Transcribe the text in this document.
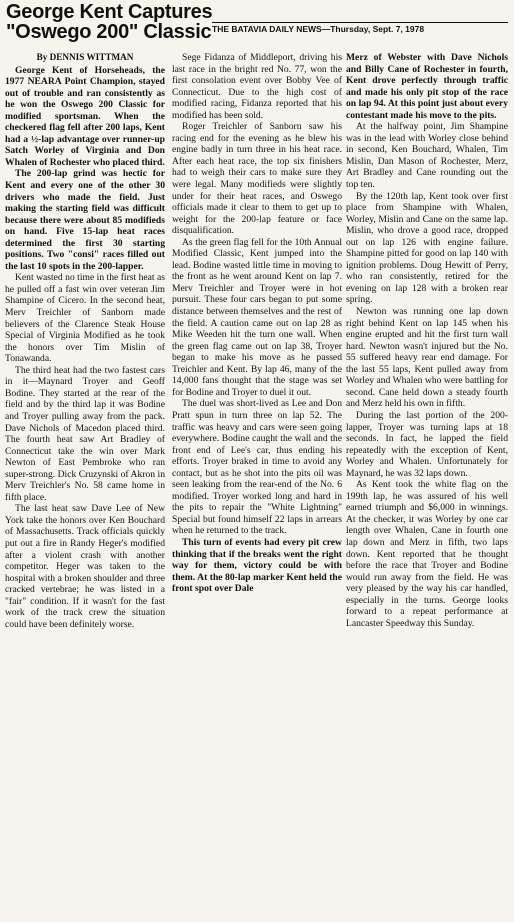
George Kent Captures
"Oswego 200" Classic THE BATAVIA DAILY NEWS—Thursday, Sept. 7, 1978

By DENNIS WITTMAN

George Kent of Horseheads, the 1977 NEARA Point Champion, stayed out of trouble and ran consistently as he won the Oswego 200 Classic for modified sportsman. When the checkered flag fell after 200 laps, Kent had a ½-lap advantage over runner-up Satch Worley of Virginia and Don Whalen of Rochester who placed third.

The 200-lap grind was hectic for Kent and every one of the other 30 drivers who made the field. Just making the starting field was difficult because there were about 85 modifieds on hand. Five 15-lap heat races determined the first 30 starting positions. Two "consi" races filled out the last 10 spots in the 200-lapper.

Kent wasted no time in the first heat as he pulled off a fast win over veteran Jim Shampine of Cicero. In the second heat, Merv Treichler of Sanborn made believers of the Clarence Steak House Special of Virginia Modified as he took the honors over Tim Mislin of Tonawanda.

The third heat had the two fastest cars in it—Maynard Troyer and Geoff Bodine. They started at the rear of the field and by the third lap it was Bodine and Troyer pulling away from the pack. Dave Nichols of Macedon placed third. The fourth heat saw Art Bradley of Connecticut take the win over Mark Newton of East Pembroke who ran super-strong. Dick Cruzynski of Akron in Merv Treichler's No. 58 came home in fifth place.

The last heat saw Dave Lee of New York take the honors over Ken Bouchard of Massachusetts. Track officials quickly put out a fire in Randy Heger's modified after a violent crash with another competitor. Heger was taken to the hospital with a broken shoulder and three cracked vertebrae; he was listed in a "fair" condition. If it wasn't for the fast work of the track crew the situation could have been definitely worse.

Sege Fidanza of Middleport, driving his last race in the bright red No. 77, won the first consolation event over Bobby Vee of Connecticut. Due to the high cost of modified racing, Fidanza reported that his modified has been sold.

Roger Treichler of Sanborn saw his racing end for the evening as he blew his engine badly in turn three in his heat race. After each heat race, the top six finishers had to weigh their cars to make sure they were legal. Many modifieds were slightly under for their heat races, and Oswego officials made it clear to them to get up to weight for the 200-lap feature or face disqualification.

As the green flag fell for the 10th Annual Modified Classic, Kent jumped into the lead. Bodine wasted little time in moving to the front as he went around Kent on lap 7. Merv Treichler and Troyer were in hot pursuit. These four cars began to put some distance between themselves and the rest of the field. A caution came out on lap 28 as Mike Weeden hit the turn one wall. When the green flag came out on lap 38, Troyer began to make his move as he passed Treichler and Kent. By lap 46, many of the 14,000 fans thought that the stage was set for Bodine and Troyer to duel it out.

The duel was short-lived as Lee and Don Pratt spun in turn three on lap 52. The traffic was heavy and cars were seen going everywhere. Bodine caught the wall and the front end of Lee's car, thus ending his efforts. Troyer braked in time to avoid any contact, but as he shot into the pits oil was seen leaking from the rear-end of the No. 6 modified. Troyer worked long and hard in the pits to repair the "White Lightning" Special but found himself 22 laps in arrears when he returned to the track.

This turn of events had every pit crew thinking that if the breaks went the right way for them, victory could be with them. At the 80-lap marker Kent held the front spot over Dale

Merz of Webster with Dave Nichols and Billy Cane of Rochester in fourth, Kent drove perfectly through traffic and made his only pit stop of the race on lap 94. At this point just about every contestant made his move to the pits.

At the halfway point, Jim Shampine was in the lead with Worley close behind in second, Ken Bouchard, Whalen, Tim Mislin, Dan Mason of Rochester, Merz, Art Bradley and Cane rounding out the top ten.

By the 120th lap, Kent took over first place from Shampine with Whalen, Worley, Mislin and Cane on the same lap. Mislin, who drove a good race, dropped out on lap 126 with engine failure. Shampine pitted for good on lap 140 with ignition problems. Doug Hewitt of Perry, who ran consistently, retired for the evening on lap 128 with a broken rear spring.

Newton was running one lap down right behind Kent on lap 145 when his engine erupted and hit the first turn wall hard. Newton wasn't injured but the No. 55 suffered heavy rear end damage. For the last 55 laps, Kent pulled away from Worley and Whalen who were battling for second. Cane held down a steady fourth and Merz held his own in fifth.

During the last portion of the 200-lapper, Troyer was turning laps at 18 seconds. In fact, he lapped the field repeatedly with the exception of Kent, Worley and Whalen. Unfortunately for Maynard, he was 32 laps down.

As Kent took the white flag on the 199th lap, he was assured of his well earned triumph and $6,000 in winnings. At the checker, it was Worley by one car length over Whalen, Cane in fourth one lap down and Merz in fifth, two laps down. Kent reported that he thought before the race that Troyer and Bodine would run away from the field. He was very pleased by the way his car handled, especially in the turns. George looks forward to a repeat performance at Lancaster Speedway this Sunday.
